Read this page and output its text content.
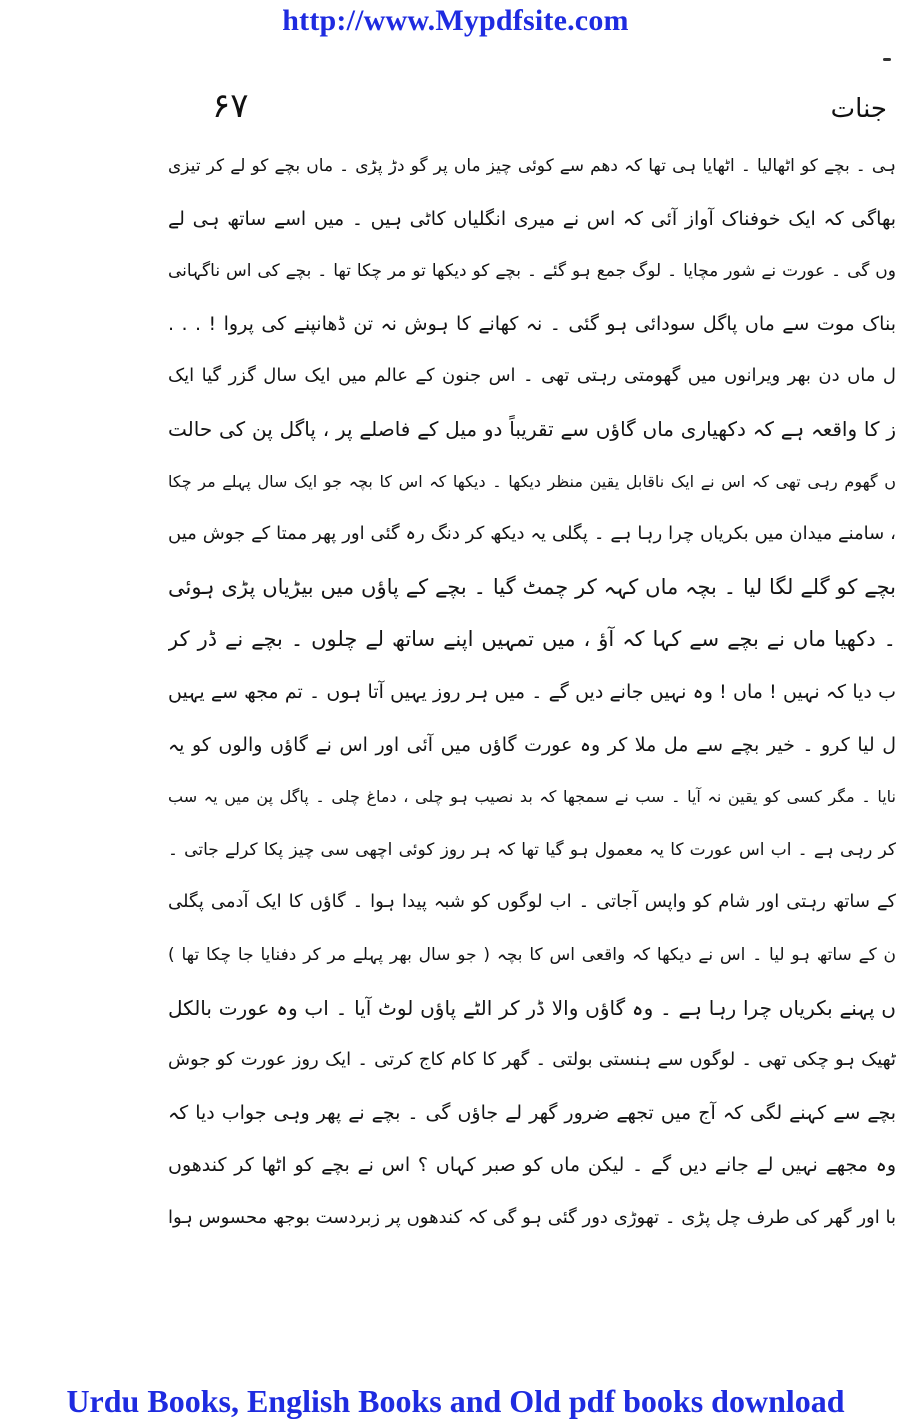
http://www.Mypdfsite.com
۶۷	جنات
ہی ۔ بچے کو اٹھالیا ۔ اٹھایا ہی تھا کہ دھم سے کوئی چیز ماں پر گو دڑ پڑی ۔ ماں بچے کو لے کر تیزی
بھاگی کہ ایک خوفناک آواز آئی کہ اس نے میری انگلیاں کاٹی ہیں ۔ میں اسے ساتھ ہی لے
وں گی ۔ عورت نے شور مچایا ۔ لوگ جمع ہو گئے ۔ بچے کو دیکھا تو مر چکا تھا ۔ بچے کی اس ناگہانی
بناک موت سے ماں پاگل سودائی ہو گئی ۔ نہ کھانے کا ہوش نہ تن ڈھانپنے کی پروا ! . . .
ل ماں دن بھر ویرانوں میں گھومتی رہتی تھی ۔ اس جنون کے عالم میں ایک سال گزر گیا ایک
ز کا واقعہ ہے کہ دکھیاری ماں گاؤں سے تقریباً دو میل کے فاصلے پر ، پاگل پن کی حالت
ں گھوم رہی تھی کہ اس نے ایک ناقابل یقین منظر دیکھا ۔ دیکھا کہ اس کا بچہ جو ایک سال پہلے مر چکا
، سامنے میدان میں بکریاں چرا رہا ہے ۔ پگلی یہ دیکھ کر دنگ رہ گئی اور پھر ممتا کے جوش میں
بچے کو گلے لگا لیا ۔ بچہ ماں کہہ کر چمٹ گیا ۔ بچے کے پاؤں میں بیڑیاں پڑی ہوئی
۔ دکھیا ماں نے بچے سے کہا کہ آؤ ، میں تمہیں اپنے ساتھ لے چلوں ۔ بچے نے ڈر کر
ب دیا کہ نہیں ! ماں ! وہ نہیں جانے دیں گے ۔ میں ہر روز یہیں آتا ہوں ۔ تم مجھ سے یہیں
ل لیا کرو ۔ خیر بچے سے مل ملا کر وہ عورت گاؤں میں آئی اور اس نے گاؤں والوں کو یہ
نایا ۔ مگر کسی کو یقین نہ آیا ۔ سب نے سمجھا کہ بد نصیب ہو چلی ، دماغ چلی ۔ پاگل پن میں یہ سب
کر رہی ہے ۔ اب اس عورت کا یہ معمول ہو گیا تھا کہ ہر روز کوئی اچھی سی چیز پکا کرلے جاتی ۔
کے ساتھ رہتی اور شام کو واپس آجاتی ۔ اب لوگوں کو شبہ پیدا ہوا ۔ گاؤں کا ایک آدمی پگلی
ن کے ساتھ ہو لیا ۔ اس نے دیکھا کہ واقعی اس کا بچہ ( جو سال بھر پہلے مر کر دفنایا جا چکا تھا )
ں پہنے بکریاں چرا رہا ہے ۔ وہ گاؤں والا ڈر کر الٹے پاؤں لوٹ آیا ۔ اب وہ عورت بالکل
ٹھیک ہو چکی تھی ۔ لوگوں سے ہنستی بولتی ۔ گھر کا کام کاج کرتی ۔ ایک روز عورت کو جوش
بچے سے کہنے لگی کہ آج میں تجھے ضرور گھر لے جاؤں گی ۔ بچے نے پھر وہی جواب دیا کہ
وہ مجھے نہیں لے جانے دیں گے ۔ لیکن ماں کو صبر کہاں ؟ اس نے بچے کو اٹھا کر کندھوں
با اور گھر کی طرف چل پڑی ۔ تھوڑی دور گئی ہو گی کہ کندھوں پر زبردست بوجھ محسوس ہوا
Urdu Books, English Books and Old pdf books download
